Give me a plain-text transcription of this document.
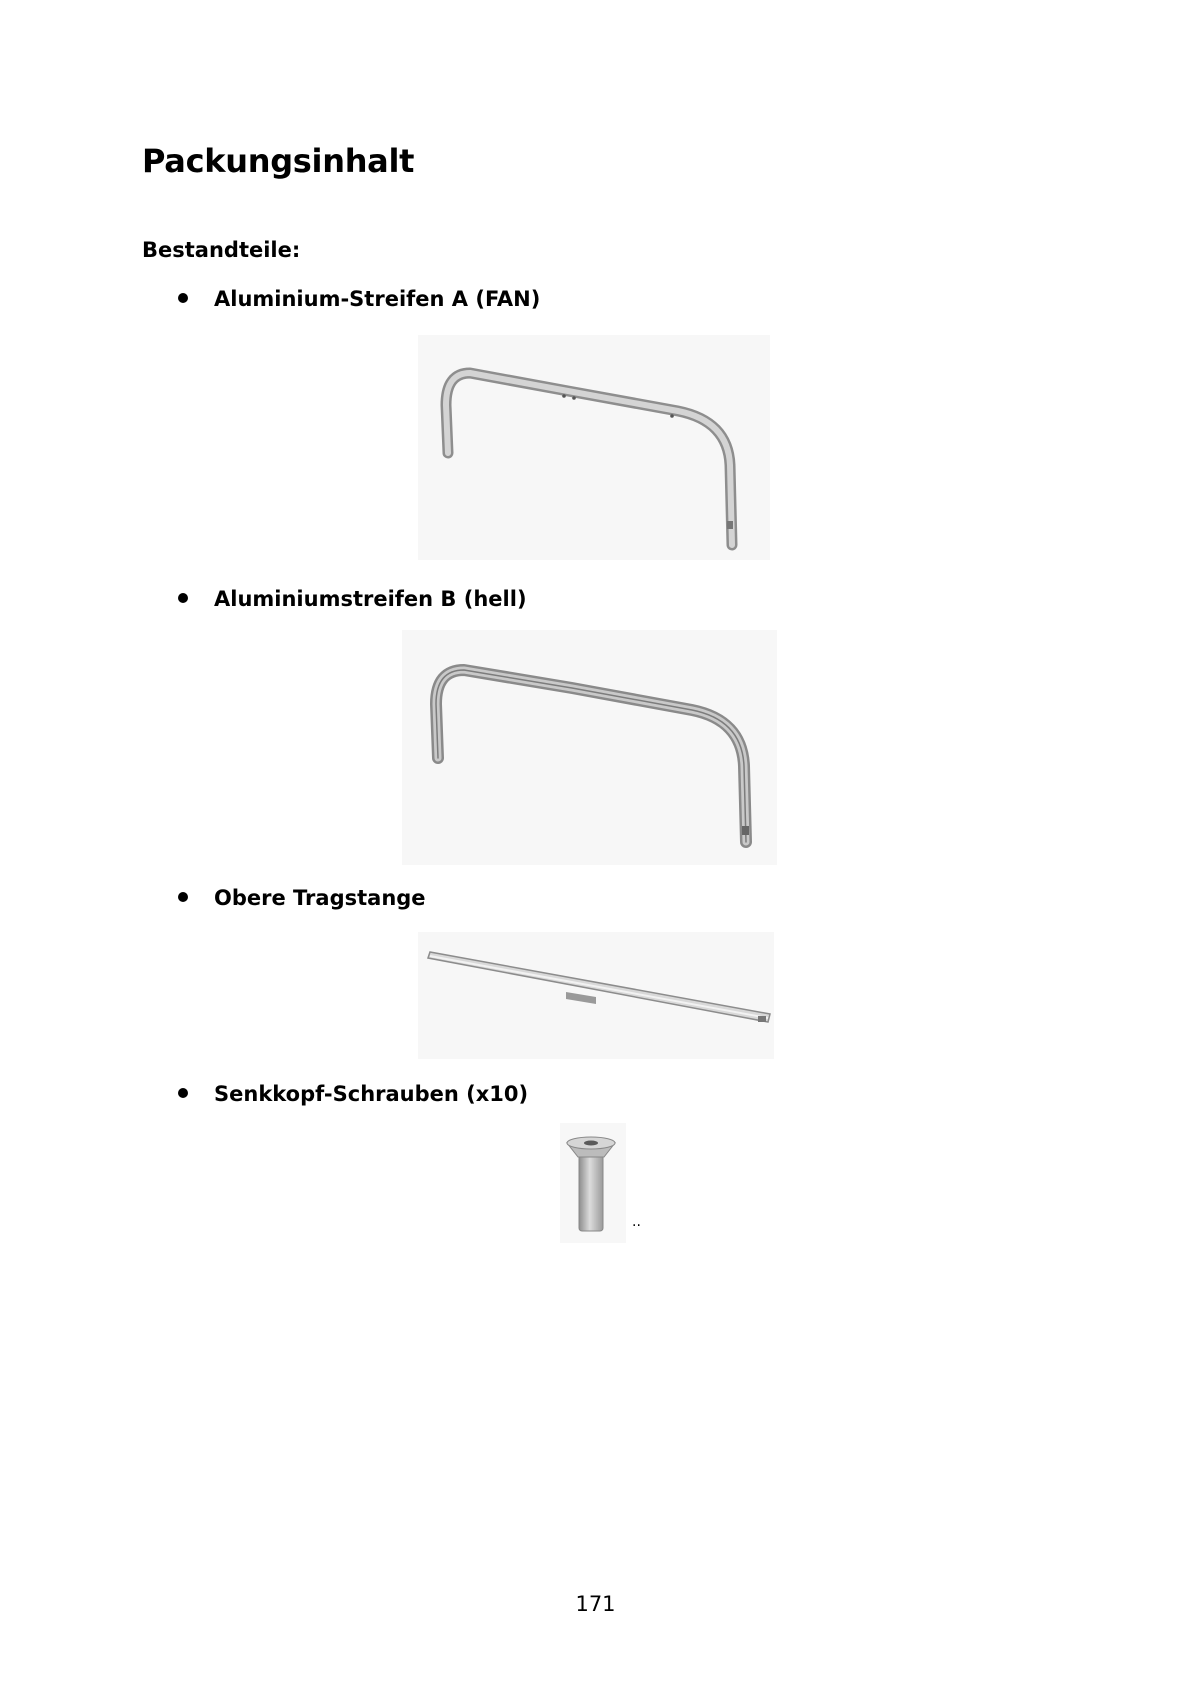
Packungsinhalt

Bestandteile:

Aluminium-Streifen A (FAN)
Aluminiumstreifen B (hell)
Obere Tragstange
Senkkopf-Schrauben (x10)
..
171
